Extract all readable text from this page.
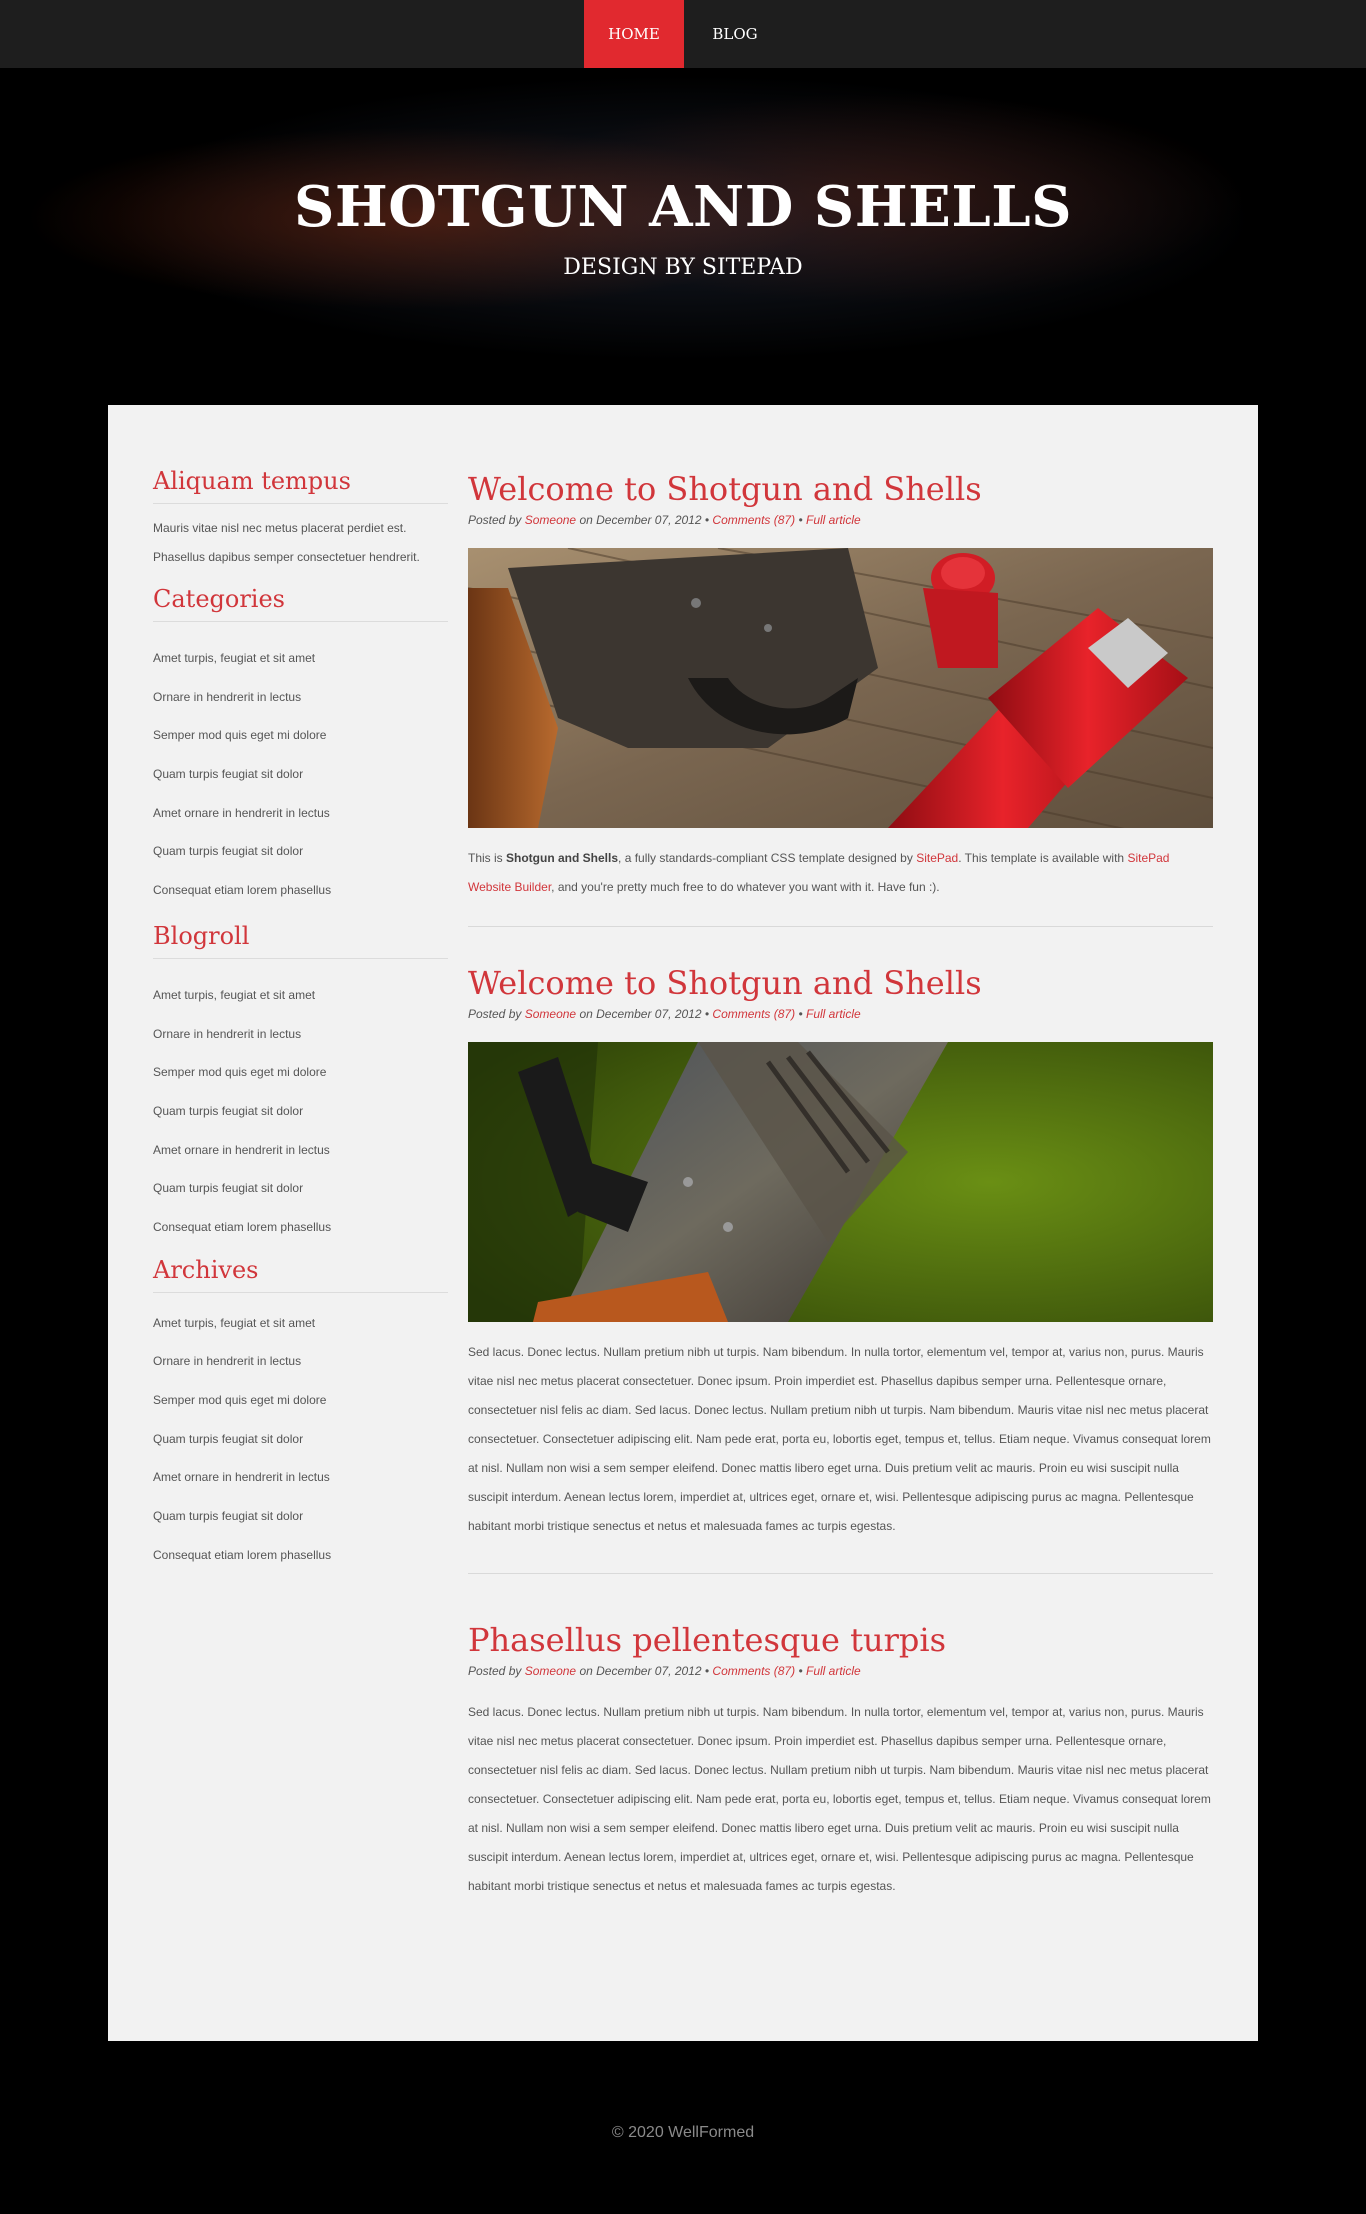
HOME	BLOG
SHOTGUN AND SHELLS

DESIGN BY SITEPAD

Aliquam tempus

Mauris vitae nisl nec metus placerat perdiet est. Phasellus dapibus semper consectetuer hendrerit.

Categories
Amet turpis, feugiat et sit amet
Ornare in hendrerit in lectus
Semper mod quis eget mi dolore
Quam turpis feugiat sit dolor
Amet ornare in hendrerit in lectus
Quam turpis feugiat sit dolor
Consequat etiam lorem phasellus
Blogroll
Amet turpis, feugiat et sit amet
Ornare in hendrerit in lectus
Semper mod quis eget mi dolore
Quam turpis feugiat sit dolor
Amet ornare in hendrerit in lectus
Quam turpis feugiat sit dolor
Consequat etiam lorem phasellus
Archives
Amet turpis, feugiat et sit amet
Ornare in hendrerit in lectus
Semper mod quis eget mi dolore
Quam turpis feugiat sit dolor
Amet ornare in hendrerit in lectus
Quam turpis feugiat sit dolor
Consequat etiam lorem phasellus
Welcome to Shotgun and Shells

Posted by Someone on December 07, 2012 • Comments (87) • Full article

This is Shotgun and Shells, a fully standards-compliant CSS template designed by SitePad. This template is available with SitePad Website Builder, and you're pretty much free to do whatever you want with it. Have fun :).

Welcome to Shotgun and Shells

Posted by Someone on December 07, 2012 • Comments (87) • Full article

Sed lacus. Donec lectus. Nullam pretium nibh ut turpis. Nam bibendum. In nulla tortor, elementum vel, tempor at, varius non, purus. Mauris vitae nisl nec metus placerat consectetuer. Donec ipsum. Proin imperdiet est. Phasellus dapibus semper urna. Pellentesque ornare, consectetuer nisl felis ac diam. Sed lacus. Donec lectus. Nullam pretium nibh ut turpis. Nam bibendum. Mauris vitae nisl nec metus placerat consectetuer. Consectetuer adipiscing elit. Nam pede erat, porta eu, lobortis eget, tempus et, tellus. Etiam neque. Vivamus consequat lorem at nisl. Nullam non wisi a sem semper eleifend. Donec mattis libero eget urna. Duis pretium velit ac mauris. Proin eu wisi suscipit nulla suscipit interdum. Aenean lectus lorem, imperdiet at, ultrices eget, ornare et, wisi. Pellentesque adipiscing purus ac magna. Pellentesque habitant morbi tristique senectus et netus et malesuada fames ac turpis egestas.

Phasellus pellentesque turpis

Posted by Someone on December 07, 2012 • Comments (87) • Full article

Sed lacus. Donec lectus. Nullam pretium nibh ut turpis. Nam bibendum. In nulla tortor, elementum vel, tempor at, varius non, purus. Mauris vitae nisl nec metus placerat consectetuer. Donec ipsum. Proin imperdiet est. Phasellus dapibus semper urna. Pellentesque ornare, consectetuer nisl felis ac diam. Sed lacus. Donec lectus. Nullam pretium nibh ut turpis. Nam bibendum. Mauris vitae nisl nec metus placerat consectetuer. Consectetuer adipiscing elit. Nam pede erat, porta eu, lobortis eget, tempus et, tellus. Etiam neque. Vivamus consequat lorem at nisl. Nullam non wisi a sem semper eleifend. Donec mattis libero eget urna. Duis pretium velit ac mauris. Proin eu wisi suscipit nulla suscipit interdum. Aenean lectus lorem, imperdiet at, ultrices eget, ornare et, wisi. Pellentesque adipiscing purus ac magna. Pellentesque habitant morbi tristique senectus et netus et malesuada fames ac turpis egestas.

© 2020 WellFormed
